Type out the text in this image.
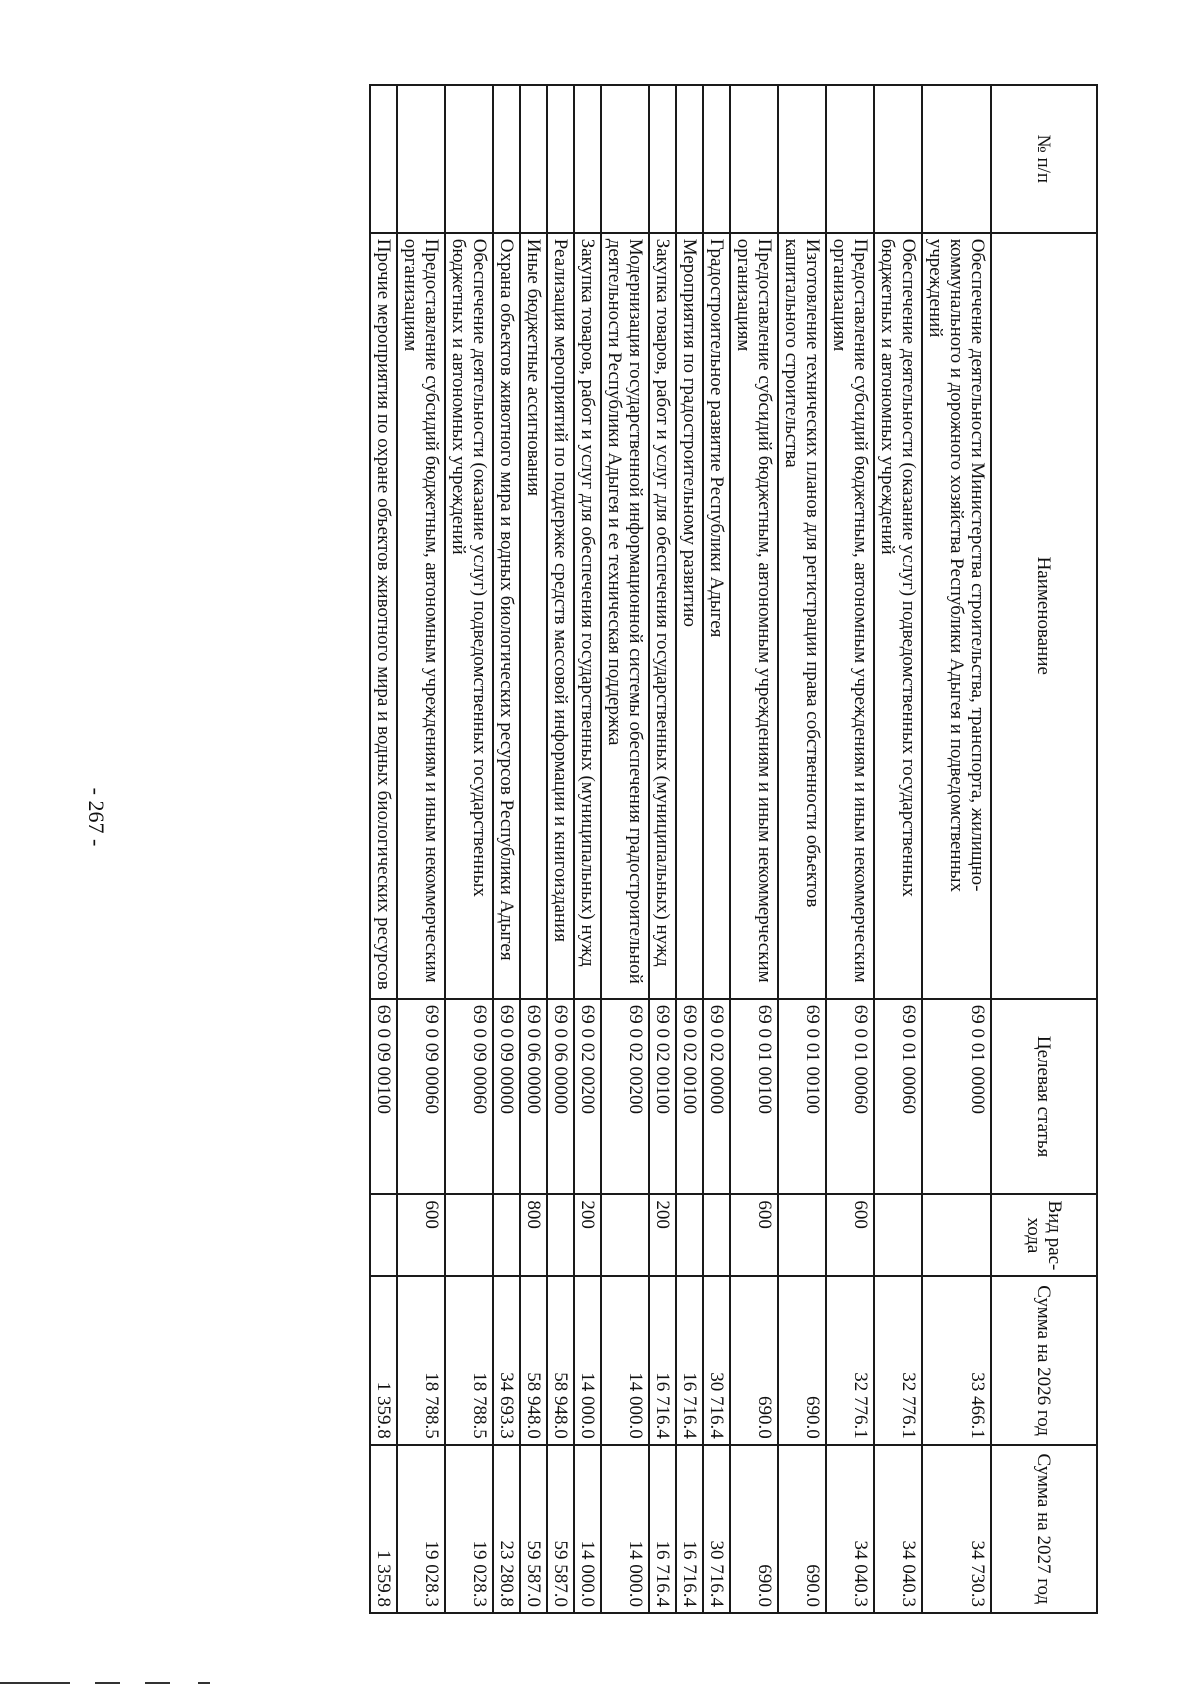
- 267 -
№ п/п	Наименование	Целевая статья	Вид рас-хода	Сумма на 2026 год	Сумма на 2027 год
	Обеспечение деятельности Министерства строительства, транспорта, жилищно-коммунального и дорожного хозяйства Республики Адыгея и подведомственных учреждений	69 0 01 00000		33 466.1	34 730.3
	Обеспечение деятельности (оказание услуг) подведомственных государственных бюджетных и автономных учреждений	69 0 01 00060		32 776.1	34 040.3
	Предоставление субсидий бюджетным, автономным учреждениям и иным некоммерческим организациям	69 0 01 00060	600	32 776.1	34 040.3
	Изготовление технических планов для регистрации права собственности объектов капитального строительства	69 0 01 00100		690.0	690.0
	Предоставление субсидий бюджетным, автономным учреждениям и иным некоммерческим организациям	69 0 01 00100	600	690.0	690.0
	Градостроительное развитие Республики Адыгея	69 0 02 00000		30 716.4	30 716.4
	Мероприятия по градостроительному развитию	69 0 02 00100		16 716.4	16 716.4
	Закупка товаров, работ и услуг для обеспечения государственных (муниципальных) нужд	69 0 02 00100	200	16 716.4	16 716.4
	Модернизация государственной информационной системы обеспечения градостроительной деятельности Республики Адыгея и ее техническая поддержка	69 0 02 00200		14 000.0	14 000.0
	Закупка товаров, работ и услуг для обеспечения государственных (муниципальных) нужд	69 0 02 00200	200	14 000.0	14 000.0
	Реализация мероприятий по поддержке средств массовой информации и книгоиздания	69 0 06 00000		58 948.0	59 587.0
	Иные бюджетные ассигнования	69 0 06 00000	800	58 948.0	59 587.0
	Охрана объектов животного мира и водных биологических ресурсов Республики Адыгея	69 0 09 00000		34 693.3	23 280.8
	Обеспечение деятельности (оказание услуг) подведомственных государственных бюджетных и автономных учреждений	69 0 09 00060		18 788.5	19 028.3
	Предоставление субсидий бюджетным, автономным учреждениям и иным некоммерческим организациям	69 0 09 00060	600	18 788.5	19 028.3
	Прочие мероприятия по охране объектов животного мира и водных биологических ресурсов	69 0 09 00100		1 359.8	1 359.8
